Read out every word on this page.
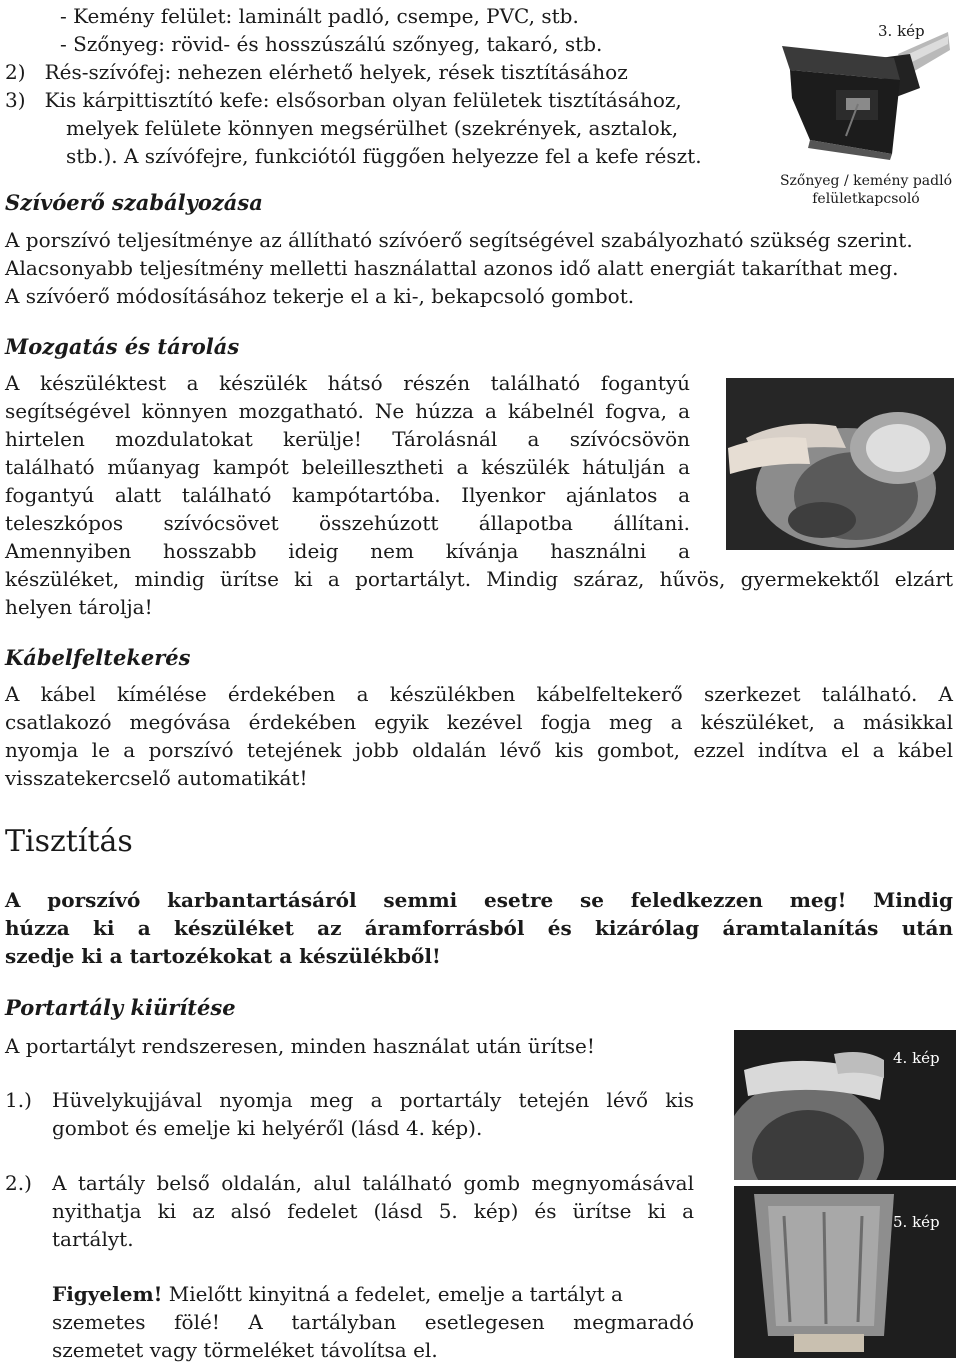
- Kemény felület: laminált padló, csempe, PVC, stb.
- Szőnyeg: rövid- és hosszúszálú szőnyeg, takaró, stb.
2)   Rés-szívófej: nehezen elérhető helyek, rések tisztításához
3)   Kis kárpittisztító kefe: elsősorban olyan felületek tisztításához,
melyek felülete könnyen megsérülhet (szekrények, asztalok,
stb.). A szívófejre, funkciótól függően helyezze fel a kefe részt.
3. kép
Szőnyeg / kemény padló
felületkapcsoló
Szívóerő szabályozása
A porszívó teljesítménye az állítható szívóerő segítségével szabályozható szükség szerint.
Alacsonyabb teljesítmény melletti használattal azonos idő alatt energiát takaríthat meg.
A szívóerő módosításához tekerje el a ki-, bekapcsoló gombot.
Mozgatás és tárolás
A készüléktest a készülék hátsó részén található fogantyú
segítségével könnyen mozgatható. Ne húzza a kábelnél fogva, a
hirtelen mozdulatokat kerülje! Tárolásnál a szívócsövön
található műanyag kampót beleillesztheti a készülék hátulján a
fogantyú alatt található kampótartóba. Ilyenkor ajánlatos a
teleszkópos szívócsövet összehúzott állapotba állítani.
Amennyiben hosszabb ideig nem kívánja használni a
készüléket, mindig ürítse ki a portartályt. Mindig száraz, hűvös, gyermekektől elzárt
helyen tárolja!
Kábelfeltekerés
A kábel kímélése érdekében a készülékben kábelfeltekerő szerkezet található. A
csatlakozó megóvása érdekében egyik kezével fogja meg a készüléket, a másikkal
nyomja le a porszívó tetejének jobb oldalán lévő kis gombot, ezzel indítva el a kábel
visszatekercselő automatikát!
Tisztítás
A porszívó karbantartásáról semmi esetre se feledkezzen meg! Mindig
húzza ki a készüléket az áramforrásból és kizárólag áramtalanítás után
szedje ki a tartozékokat a készülékből!
Portartály kiürítése
A portartályt rendszeresen, minden használat után ürítse!
1.) Hüvelykujjával nyomja meg a portartály tetején lévő kis
gombot és emelje ki helyéről (lásd 4. kép).
2.) A tartály belső oldalán, alul található gomb megnyomásával
nyithatja ki az alsó fedelet (lásd 5. kép) és ürítse ki a
tartályt.
Figyelem! Mielőtt kinyitná a fedelet, emelje a tartályt a
szemetes fölé! A tartályban esetlegesen megmaradó
szemetet vagy törmeléket távolítsa el.
4. kép
5. kép
